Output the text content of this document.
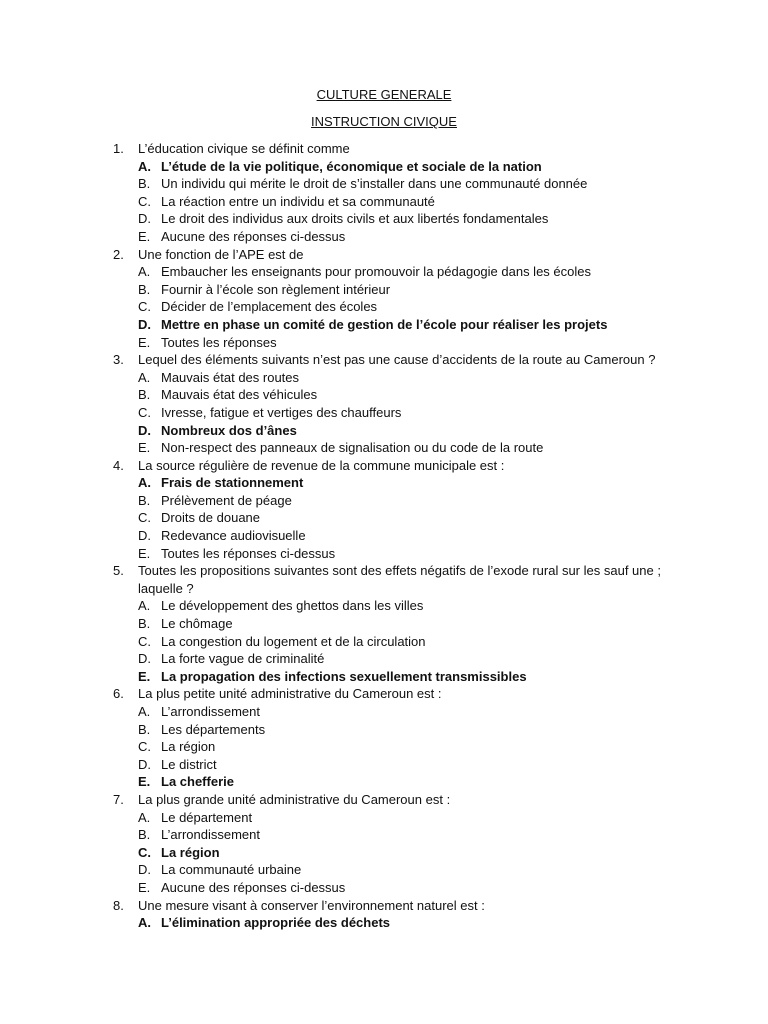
CULTURE GENERALE
INSTRUCTION CIVIQUE
1.	L’éducation civique se définit comme
A. L’étude de la vie politique, économique et sociale de la nation
B. Un individu qui mérite le droit de s’installer dans une communauté donnée
C. La réaction entre un individu et sa communauté
D. Le droit des individus aux droits civils et aux libertés fondamentales
E. Aucune des réponses ci-dessus
2.	Une fonction de l’APE est de
A. Embaucher les enseignants pour promouvoir la pédagogie dans les écoles
B. Fournir à l’école son règlement intérieur
C. Décider de l’emplacement des écoles
D. Mettre en phase un comité de gestion de l’école pour réaliser les projets
E. Toutes les réponses
3.	Lequel des éléments suivants n’est pas une cause d’accidents de la route au Cameroun ?
A. Mauvais état des routes
B. Mauvais état des véhicules
C. Ivresse, fatigue et vertiges des chauffeurs
D. Nombreux dos d’ânes
E. Non-respect des panneaux de signalisation ou du code de la route
4.	La source régulière de revenue de la commune municipale est :
A. Frais de stationnement
B. Prélèvement de péage
C. Droits de douane
D. Redevance audiovisuelle
E. Toutes les réponses ci-dessus
5.	Toutes les propositions suivantes sont des effets négatifs de l’exode rural sur les sauf une ; laquelle ?
A. Le développement des ghettos dans les villes
B. Le chômage
C. La congestion du logement et de la circulation
D. La forte vague de criminalité
E. La propagation des infections sexuellement transmissibles
6.	La plus petite unité administrative du Cameroun est :
A. L’arrondissement
B. Les départements
C. La région
D. Le district
E. La chefferie
7.	La plus grande unité administrative du Cameroun est :
A. Le département
B. L’arrondissement
C. La région
D. La communauté urbaine
E. Aucune des réponses ci-dessus
8.	Une mesure visant à conserver l’environnement naturel est :
A. L’élimination appropriée des déchets
